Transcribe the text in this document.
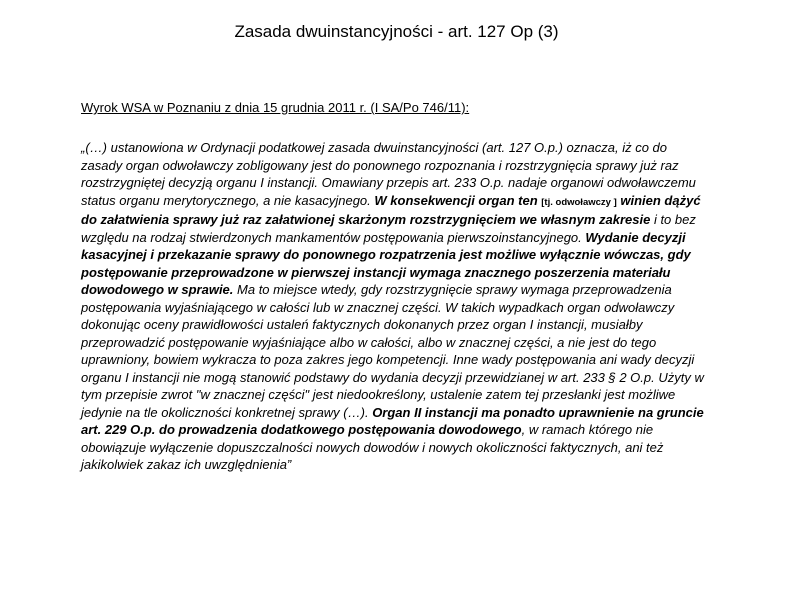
Zasada dwuinstancyjności - art. 127 Op (3)
Wyrok WSA w Poznaniu z dnia 15 grudnia 2011 r. (I SA/Po 746/11):

„(…) ustanowiona w Ordynacji podatkowej zasada dwuinstancyjności (art. 127 O.p.) oznacza, iż co do zasady organ odwoławczy zobligowany jest do ponownego rozpoznania i rozstrzygnięcia sprawy już raz rozstrzygniętej decyzją organu I instancji. Omawiany przepis art. 233 O.p. nadaje organowi odwoławczemu status organu merytorycznego, a nie kasacyjnego. W konsekwencji organ ten [tj. odwoławczy ] winien dążyć do załatwienia sprawy już raz załatwionej skarżonym rozstrzygnięciem we własnym zakresie i to bez względu na rodzaj stwierdzonych mankamentów postępowania pierwszoinstancyjnego. Wydanie decyzji kasacyjnej i przekazanie sprawy do ponownego rozpatrzenia jest możliwe wyłącznie wówczas, gdy postępowanie przeprowadzone w pierwszej instancji wymaga znacznego poszerzenia materiału dowodowego w sprawie. Ma to miejsce wtedy, gdy rozstrzygnięcie sprawy wymaga przeprowadzenia postępowania wyjaśniającego w całości lub w znacznej części. W takich wypadkach organ odwoławczy dokonując oceny prawidłowości ustaleń faktycznych dokonanych przez organ I instancji, musiałby przeprowadzić postępowanie wyjaśniające albo w całości, albo w znacznej części, a nie jest do tego uprawniony, bowiem wykracza to poza zakres jego kompetencji. Inne wady postępowania ani wady decyzji organu I instancji nie mogą stanowić podstawy do wydania decyzji przewidzianej w art. 233 § 2 O.p. Użyty w tym przepisie zwrot "w znacznej części" jest niedookreślony, ustalenie zatem tej przesłanki jest możliwe jedynie na tle okoliczności konkretnej sprawy (…). Organ II instancji ma ponadto uprawnienie na gruncie art. 229 O.p. do prowadzenia dodatkowego postępowania dowodowego, w ramach którego nie obowiązuje wyłączenie dopuszczalności nowych dowodów i nowych okoliczności faktycznych, ani też jakikolwiek zakaz ich uwzględnienia”
